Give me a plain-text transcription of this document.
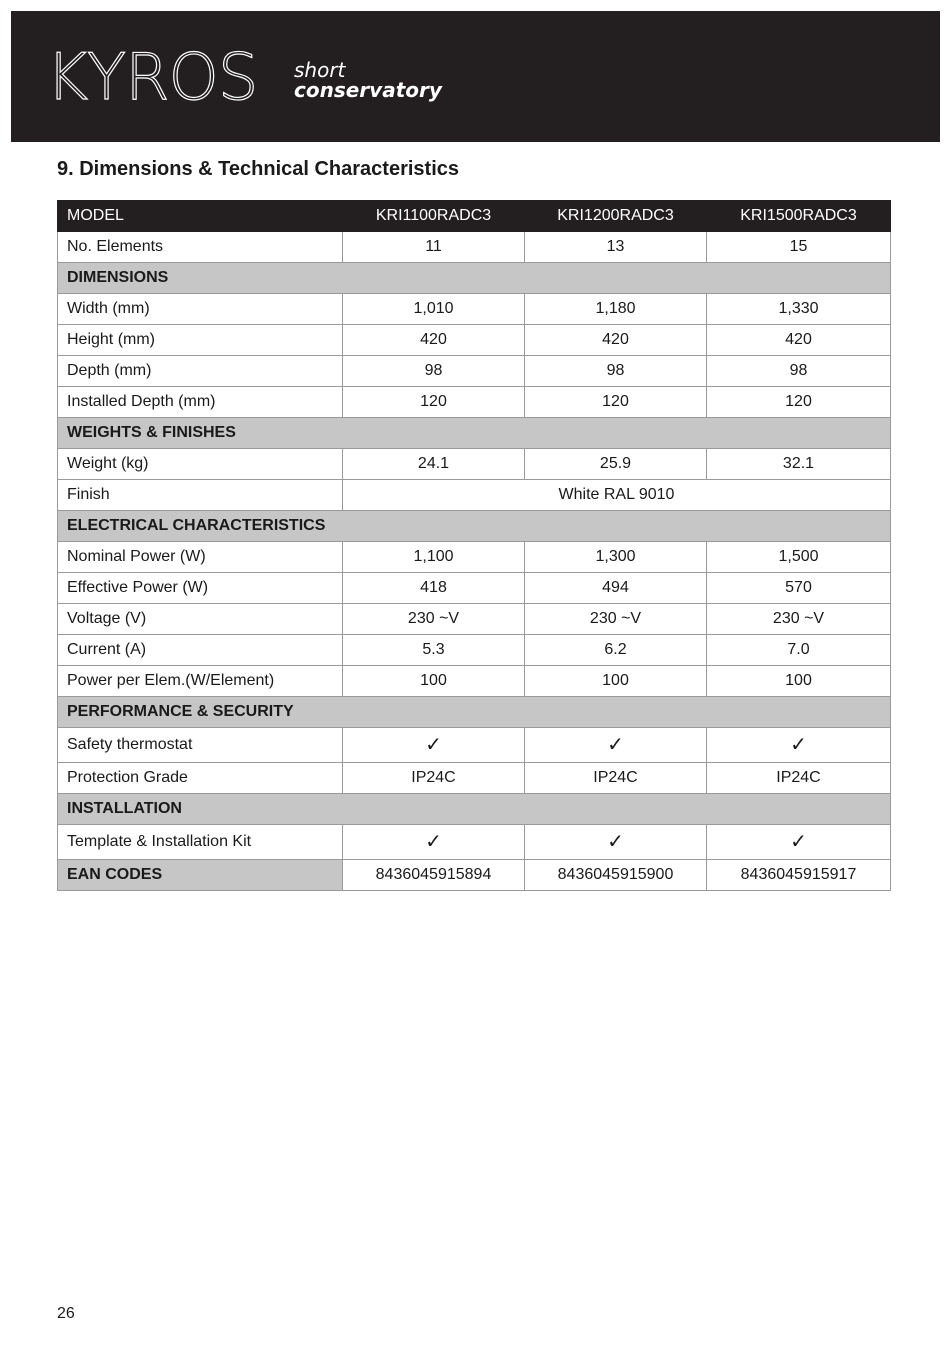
KYROS short
conservatory
9. Dimensions & Technical Characteristics
MODEL	KRI1100RADC3	KRI1200RADC3	KRI1500RADC3
No. Elements	11	13	15
DIMENSIONS			
Width (mm)	1,010	1,180	1,330
Height (mm)	420	420	420
Depth (mm)	98	98	98
Installed Depth (mm)	120	120	120
WEIGHTS & FINISHES			
Weight (kg)	24.1	25.9	32.1
Finish	White RAL 9010		
ELECTRICAL CHARACTERISTICS			
Nominal Power (W)	1,100	1,300	1,500
Effective Power (W)	418	494	570
Voltage (V)	230 ~V	230 ~V	230 ~V
Current (A)	5.3	6.2	7.0
Power per Elem.(W/Element)	100	100	100
PERFORMANCE & SECURITY			
Safety thermostat	✓	✓	✓
Protection Grade	IP24C	IP24C	IP24C
INSTALLATION			
Template & Installation Kit	✓	✓	✓
EAN CODES	8436045915894	8436045915900	8436045915917
26
